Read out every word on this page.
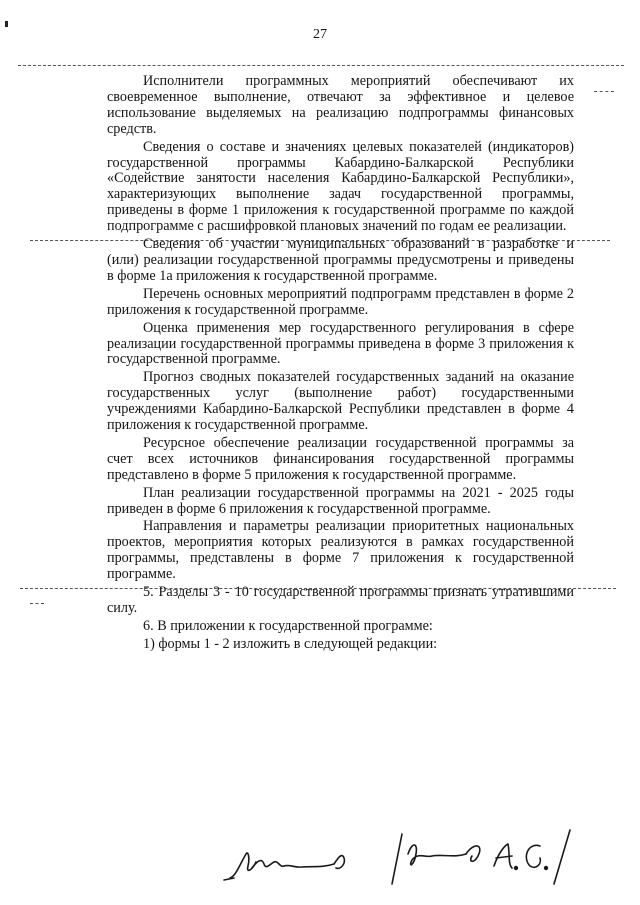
27

Исполнители программных мероприятий обеспечивают их своевременное выполнение, отвечают за эффективное и целевое использование выделяемых на реализацию подпрограммы финансовых средств.

Сведения о составе и значениях целевых показателей (индикаторов) государственной программы Кабардино-Балкарской Республики «Содействие занятости населения Кабардино-Балкарской Республики», характеризующих выполнение задач государственной программы, приведены в форме 1 приложения к государственной программе по каждой подпрограмме с расшифровкой плановых значений по годам ее реализации.

Сведения об участии муниципальных образований в разработке и (или) реализации государственной программы предусмотрены и приведены в форме 1а приложения к государственной программе.

Перечень основных мероприятий подпрограмм представлен в форме 2 приложения к государственной программе.

Оценка применения мер государственного регулирования в сфере реализации государственной программы приведена в форме 3 приложения к государственной программе.

Прогноз сводных показателей государственных заданий на оказание государственных услуг (выполнение работ) государственными учреждениями Кабардино-Балкарской Республики представлен в форме 4 приложения к государственной программе.

Ресурсное обеспечение реализации государственной программы за счет всех источников финансирования государственной программы представлено в форме 5 приложения к государственной программе.

План реализации государственной программы на 2021 - 2025 годы приведен в форме 6 приложения к государственной программе.

Направления и параметры реализации приоритетных национальных проектов, мероприятия которых реализуются в рамках государственной программы, представлены в форме 7 приложения к государственной программе.

5. Разделы 3 - 10 государственной программы признать утратившими силу.

6. В приложении к государственной программе:

1) формы 1 - 2 изложить в следующей редакции:
